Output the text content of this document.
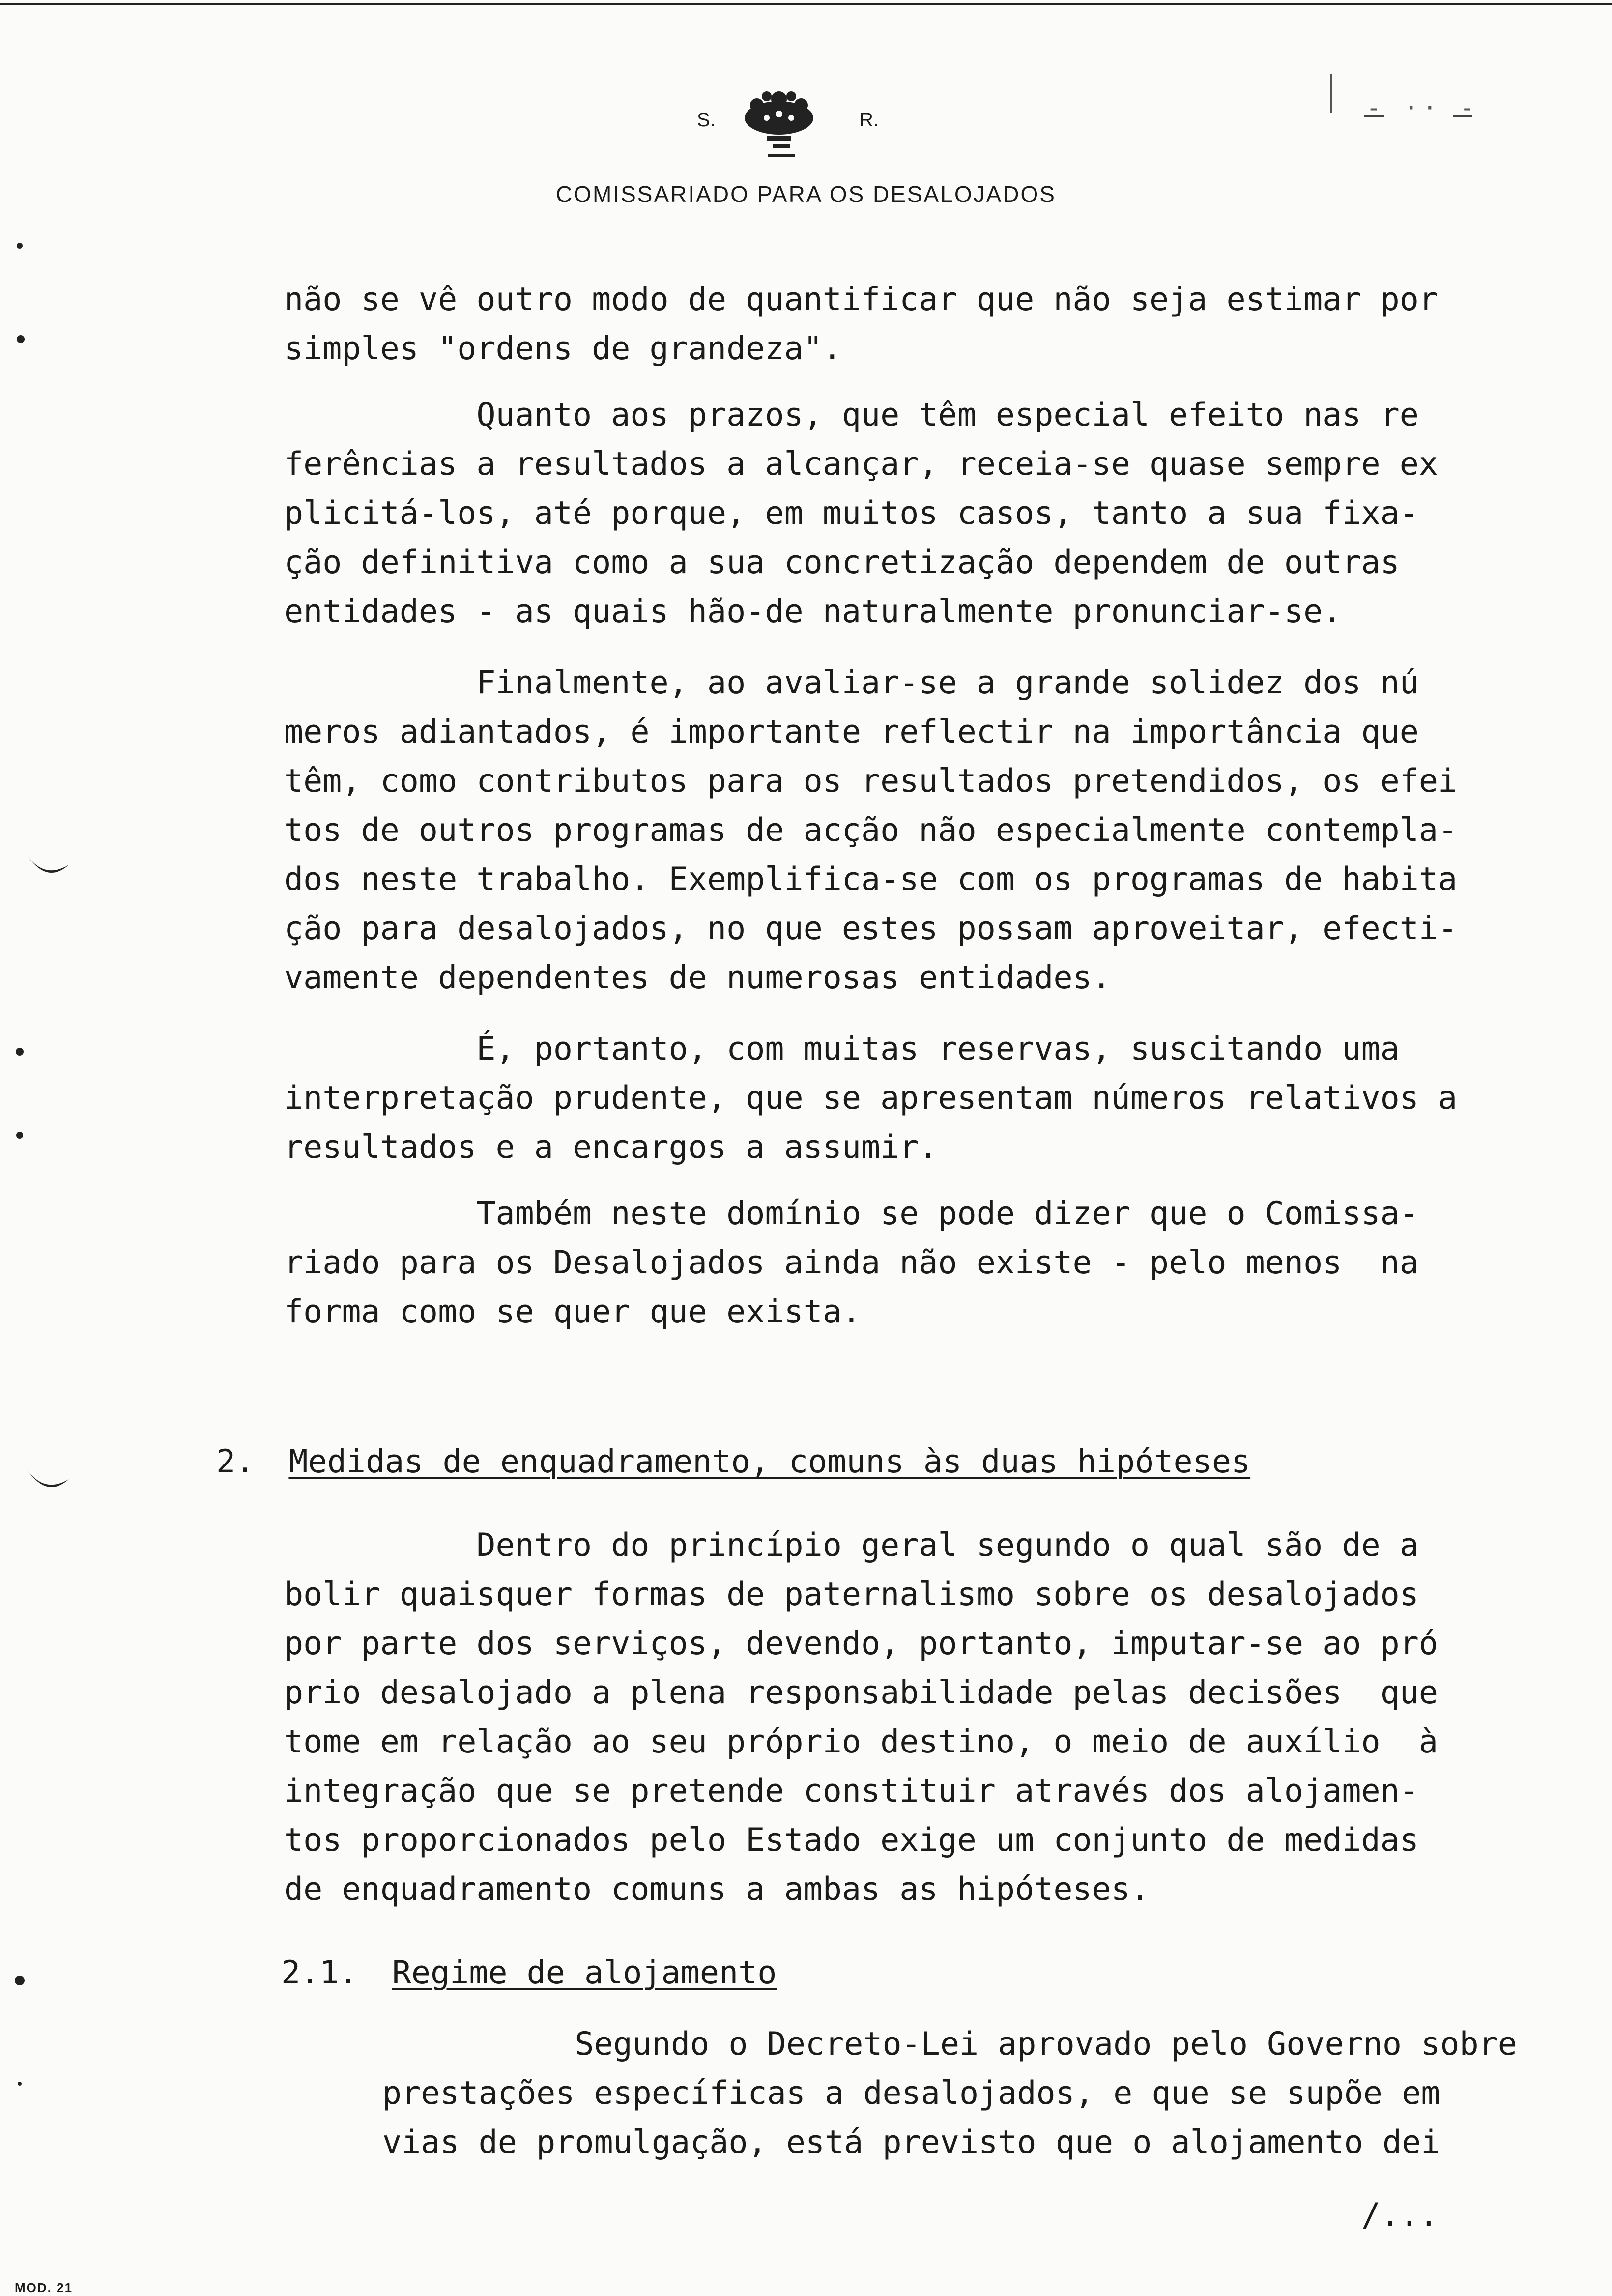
S.	R.	- ·· -
COMISSARIADO PARA OS DESALOJADOS
não se vê outro modo de quantificar que não seja estimar por
simples "ordens de grandeza".
Quanto aos prazos, que têm especial efeito nas re
ferências a resultados a alcançar, receia-se quase sempre ex
plicitá-los, até porque, em muitos casos, tanto a sua fixa-
ção definitiva como a sua concretização dependem de outras
entidades - as quais hão-de naturalmente pronunciar-se.
Finalmente, ao avaliar-se a grande solidez dos nú
meros adiantados, é importante reflectir na importância que
têm, como contributos para os resultados pretendidos, os efei
tos de outros programas de acção não especialmente contempla-
dos neste trabalho. Exemplifica-se com os programas de habita
ção para desalojados, no que estes possam aproveitar, efecti-
vamente dependentes de numerosas entidades.
É, portanto, com muitas reservas, suscitando uma
interpretação prudente, que se apresentam números relativos a
resultados e a encargos a assumir.
Também neste domínio se pode dizer que o Comissa-
riado para os Desalojados ainda não existe - pelo menos  na
forma como se quer que exista.
2. Medidas de enquadramento, comuns às duas hipóteses
Dentro do princípio geral segundo o qual são de a
bolir quaisquer formas de paternalismo sobre os desalojados
por parte dos serviços, devendo, portanto, imputar-se ao pró
prio desalojado a plena responsabilidade pelas decisões  que
tome em relação ao seu próprio destino, o meio de auxílio  à
integração que se pretende constituir através dos alojamen-
tos proporcionados pelo Estado exige um conjunto de medidas
de enquadramento comuns a ambas as hipóteses.
2.1. Regime de alojamento
Segundo o Decreto-Lei aprovado pelo Governo sobre
prestações específicas a desalojados, e que se supõe em
vias de promulgação, está previsto que o alojamento dei
/...
MOD. 21
